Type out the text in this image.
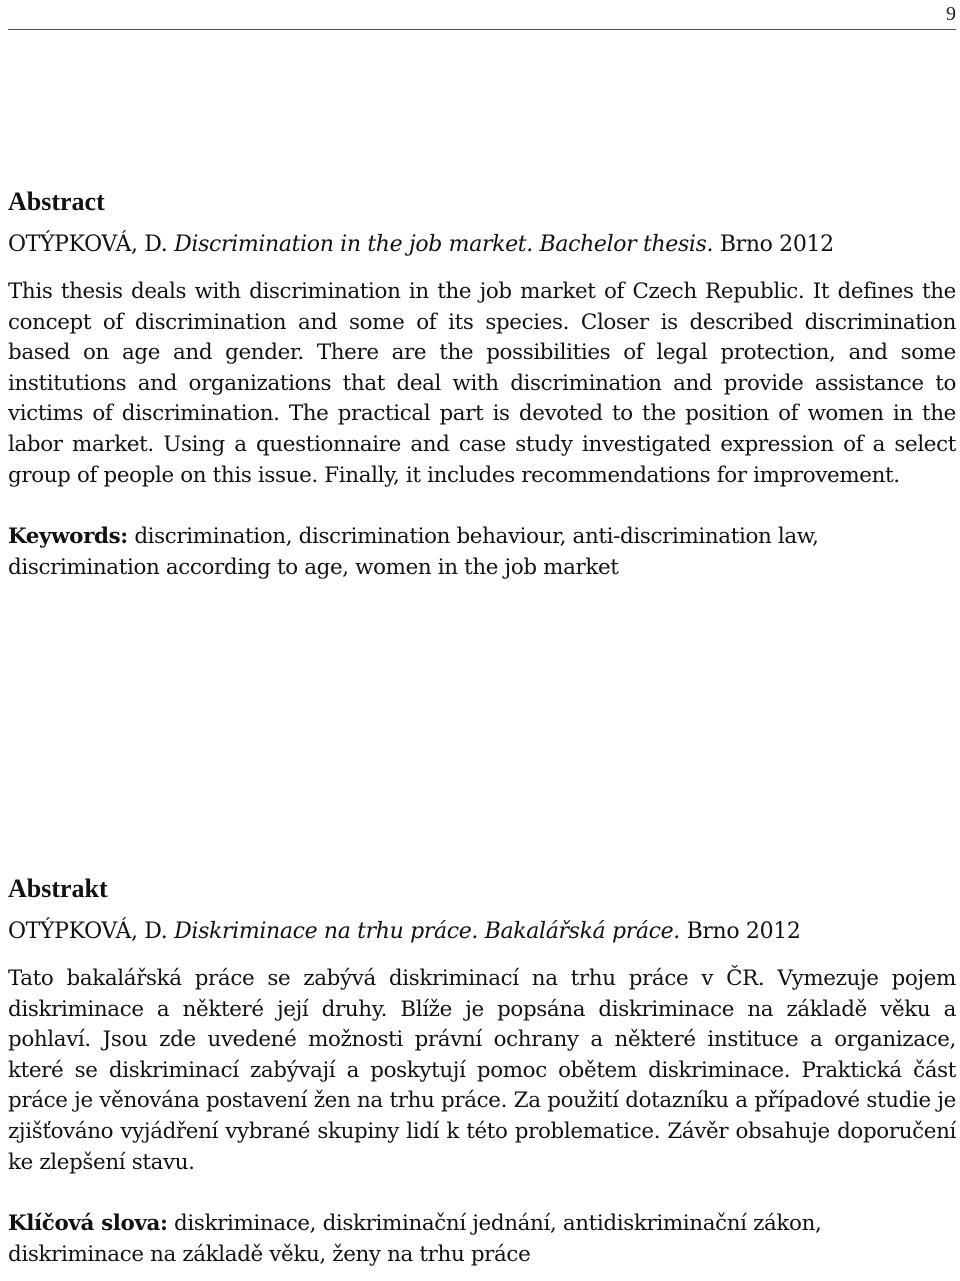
9
Abstract

OTÝPKOVÁ, D. Discrimination in the job market. Bachelor thesis. Brno 2012

This thesis deals with discrimination in the job market of Czech Republic. It defines the concept of discrimination and some of its species. Closer is described discrimination based on age and gender. There are the possibilities of legal protection, and some institutions and organizations that deal with discrimination and provide assistance to victims of discrimination. The practical part is devoted to the position of women in the labor market. Using a questionnaire and case study investigated expression of a select group of people on this issue. Finally, it includes recommendations for improvement.

Keywords: discrimination, discrimination behaviour, anti-discrimination law, discrimination according to age, women in the job market

Abstrakt

OTÝPKOVÁ, D. Diskriminace na trhu práce. Bakalářská práce. Brno 2012

Tato bakalářská práce se zabývá diskriminací na trhu práce v ČR. Vymezuje pojem diskriminace a některé její druhy. Blíže je popsána diskriminace na základě věku a pohlaví. Jsou zde uvedené možnosti právní ochrany a některé instituce a organizace, které se diskriminací zabývají a poskytují pomoc obětem diskriminace. Praktická část práce je věnována postavení žen na trhu práce. Za použití dotazníku a případové studie je zjišťováno vyjádření vybrané skupiny lidí k této problematice. Závěr obsahuje doporučení ke zlepšení stavu.

Klíčová slova: diskriminace, diskriminační jednání, antidiskriminační zákon, diskriminace na základě věku, ženy na trhu práce
